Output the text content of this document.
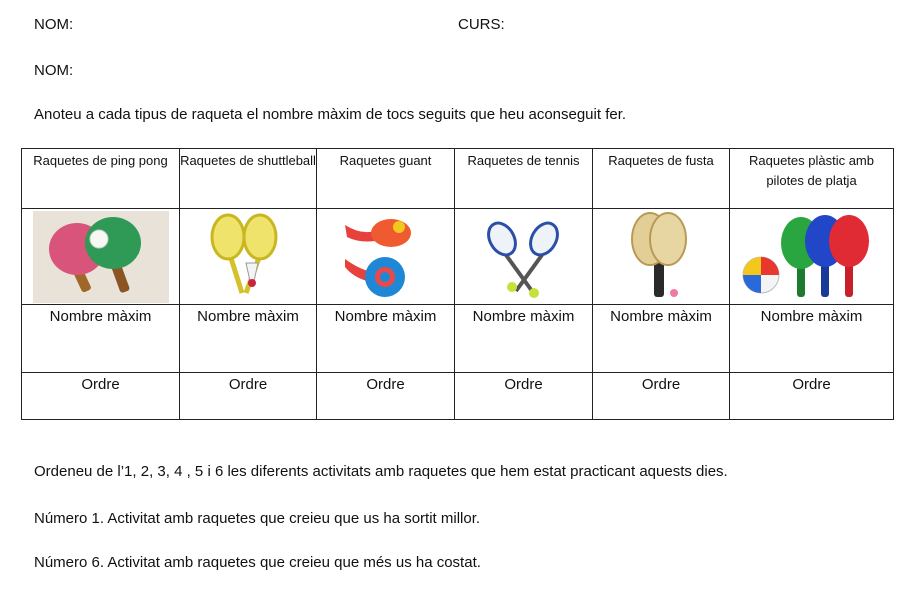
NOM:	CURS:
NOM:
Anoteu a cada tipus de raqueta el nombre màxim de tocs seguits que heu aconseguit fer.
Raquetes de ping pong	Raquetes de shuttleball	Raquetes guant	Raquetes de tennis	Raquetes de fusta	Raquetes plàstic amb pilotes de platja

Nombre màxim	Nombre màxim	Nombre màxim	Nombre màxim	Nombre màxim	Nombre màxim
Ordre	Ordre	Ordre	Ordre	Ordre	Ordre
Ordeneu de l’1, 2, 3, 4 , 5 i 6 les diferents activitats amb raquetes que hem estat practicant aquests dies.
Número 1. Activitat amb raquetes que creieu que us ha sortit millor.
Número 6. Activitat amb raquetes que creieu que més us ha costat.
